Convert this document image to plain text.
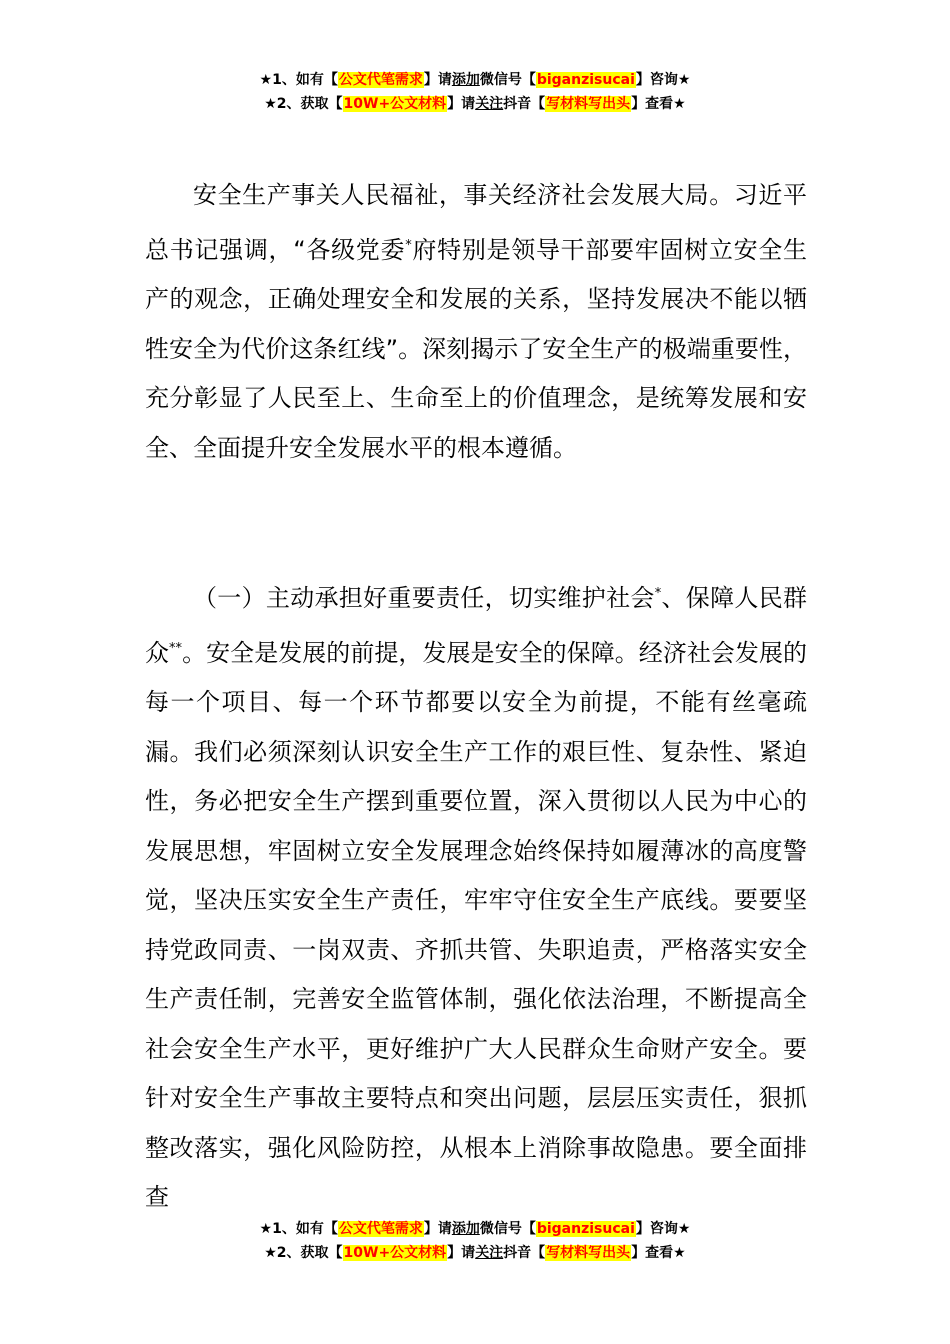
★1、如有【公文代笔需求】请添加微信号【biganzisucai】咨询★
★2、获取【10W+公文材料】请关注抖音【写材料写出头】查看★

安全生产事关人民福祉，事关经济社会发展大局。习近平总书记强调，“各级党委*府特别是领导干部要牢固树立安全生产的观念，正确处理安全和发展的关系，坚持发展决不能以牺牲安全为代价这条红线”。深刻揭示了安全生产的极端重要性，充分彰显了人民至上、生命至上的价值理念，是统筹发展和安全、全面提升安全发展水平的根本遵循。

（一）主动承担好重要责任，切实维护社会*、保障人民群众**。安全是发展的前提，发展是安全的保障。经济社会发展的每一个项目、每一个环节都要以安全为前提，不能有丝毫疏漏。我们必须深刻认识安全生产工作的艰巨性、复杂性、紧迫性，务必把安全生产摆到重要位置，深入贯彻以人民为中心的发展思想，牢固树立安全发展理念始终保持如履薄冰的高度警觉，坚决压实安全生产责任，牢牢守住安全生产底线。要要坚持党政同责、一岗双责、齐抓共管、失职追责，严格落实安全生产责任制，完善安全监管体制，强化依法治理，不断提高全社会安全生产水平，更好维护广大人民群众生命财产安全。要针对安全生产事故主要特点和突出问题，层层压实责任，狠抓整改落实，强化风险防控，从根本上消除事故隐患。要全面排查

★1、如有【公文代笔需求】请添加微信号【biganzisucai】咨询★
★2、获取【10W+公文材料】请关注抖音【写材料写出头】查看★
